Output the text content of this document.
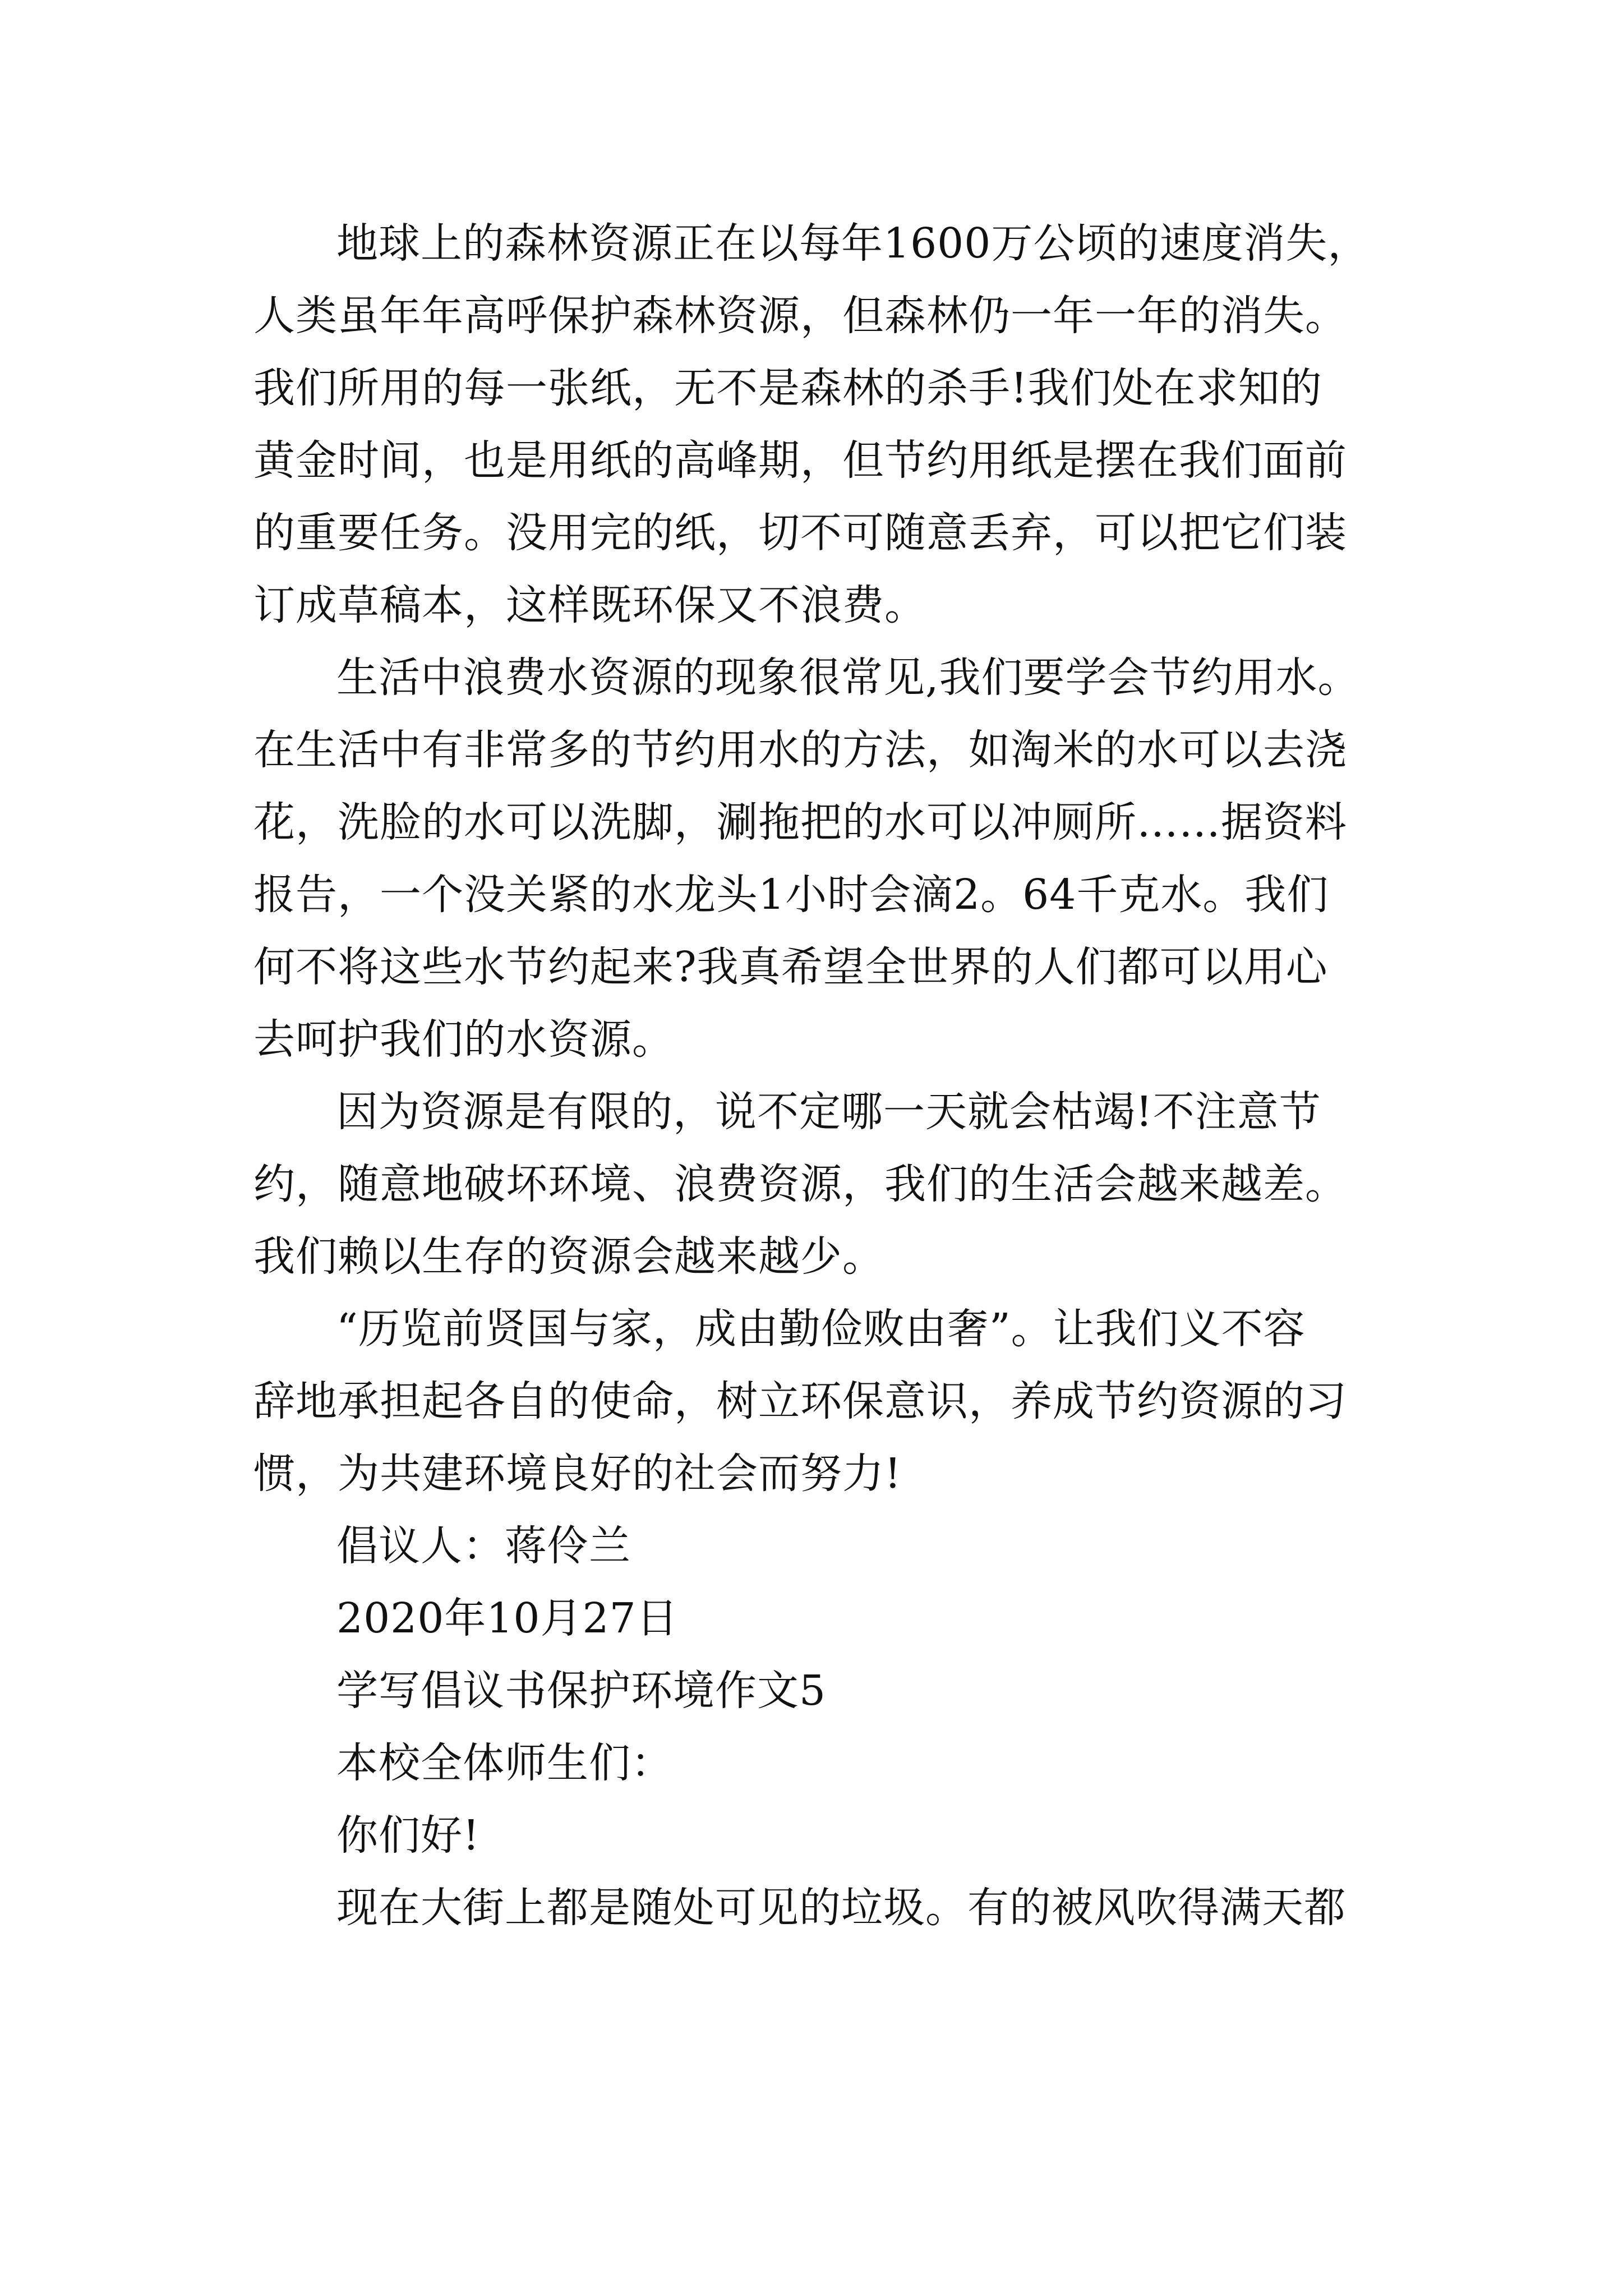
地球上的森林资源正在以每年1600万公顷的速度消失，
人类虽年年高呼保护森林资源，但森林仍一年一年的消失。
我们所用的每一张纸，无不是森林的杀手!我们处在求知的
黄金时间，也是用纸的高峰期，但节约用纸是摆在我们面前
的重要任务。没用完的纸，切不可随意丢弃，可以把它们装
订成草稿本，这样既环保又不浪费。
生活中浪费水资源的现象很常见,我们要学会节约用水。
在生活中有非常多的节约用水的方法，如淘米的水可以去浇
花，洗脸的水可以洗脚，涮拖把的水可以冲厕所……据资料
报告，一个没关紧的水龙头1小时会滴2。64千克水。我们
何不将这些水节约起来?我真希望全世界的人们都可以用心
去呵护我们的水资源。
因为资源是有限的，说不定哪一天就会枯竭!不注意节
约，随意地破坏环境、浪费资源，我们的生活会越来越差。
我们赖以生存的资源会越来越少。
“历览前贤国与家，成由勤俭败由奢”。让我们义不容
辞地承担起各自的使命，树立环保意识，养成节约资源的习
惯，为共建环境良好的社会而努力!
倡议人：蒋伶兰
2020年10月27日
学写倡议书保护环境作文5
本校全体师生们：
你们好!
现在大街上都是随处可见的垃圾。有的被风吹得满天都
